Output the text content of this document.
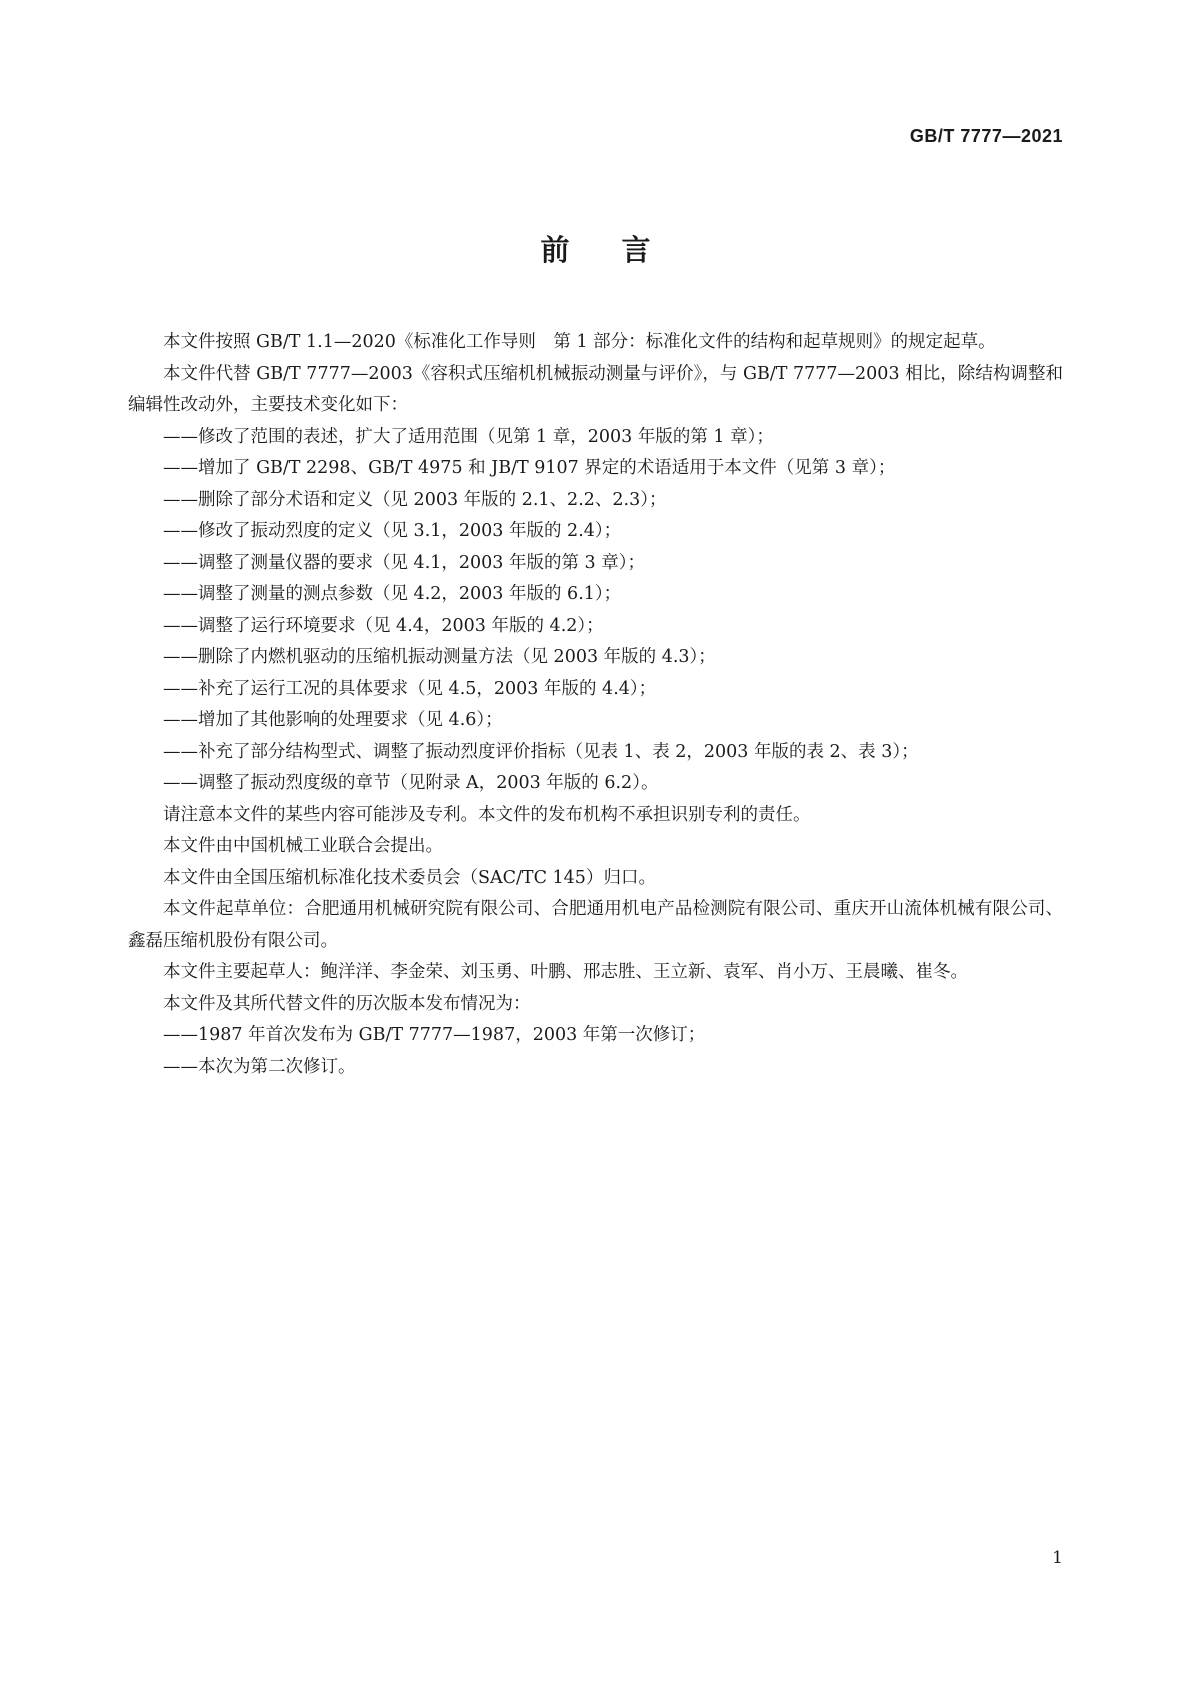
GB/T 7777—2021
前言

本文件按照 GB/T 1.1—2020《标准化工作导则　第 1 部分：标准化文件的结构和起草规则》的规定起草。

本文件代替 GB/T 7777—2003《容积式压缩机机械振动测量与评价》，与 GB/T 7777—2003 相比，除结构调整和编辑性改动外，主要技术变化如下：

——修改了范围的表述，扩大了适用范围（见第 1 章，2003 年版的第 1 章）；

——增加了 GB/T 2298、GB/T 4975 和 JB/T 9107 界定的术语适用于本文件（见第 3 章）；

——删除了部分术语和定义（见 2003 年版的 2.1、2.2、2.3）；

——修改了振动烈度的定义（见 3.1，2003 年版的 2.4）；

——调整了测量仪器的要求（见 4.1，2003 年版的第 3 章）；

——调整了测量的测点参数（见 4.2，2003 年版的 6.1）；

——调整了运行环境要求（见 4.4，2003 年版的 4.2）；

——删除了内燃机驱动的压缩机振动测量方法（见 2003 年版的 4.3）；

——补充了运行工况的具体要求（见 4.5，2003 年版的 4.4）；

——增加了其他影响的处理要求（见 4.6）；

——补充了部分结构型式、调整了振动烈度评价指标（见表 1、表 2，2003 年版的表 2、表 3）；

——调整了振动烈度级的章节（见附录 A，2003 年版的 6.2）。

请注意本文件的某些内容可能涉及专利。本文件的发布机构不承担识别专利的责任。

本文件由中国机械工业联合会提出。

本文件由全国压缩机标准化技术委员会（SAC/TC 145）归口。

本文件起草单位：合肥通用机械研究院有限公司、合肥通用机电产品检测院有限公司、重庆开山流体机械有限公司、鑫磊压缩机股份有限公司。

本文件主要起草人：鲍洋洋、李金荣、刘玉勇、叶鹏、邢志胜、王立新、袁军、肖小万、王晨曦、崔冬。

本文件及其所代替文件的历次版本发布情况为：

——1987 年首次发布为 GB/T 7777—1987，2003 年第一次修订；

——本次为第二次修订。

1
